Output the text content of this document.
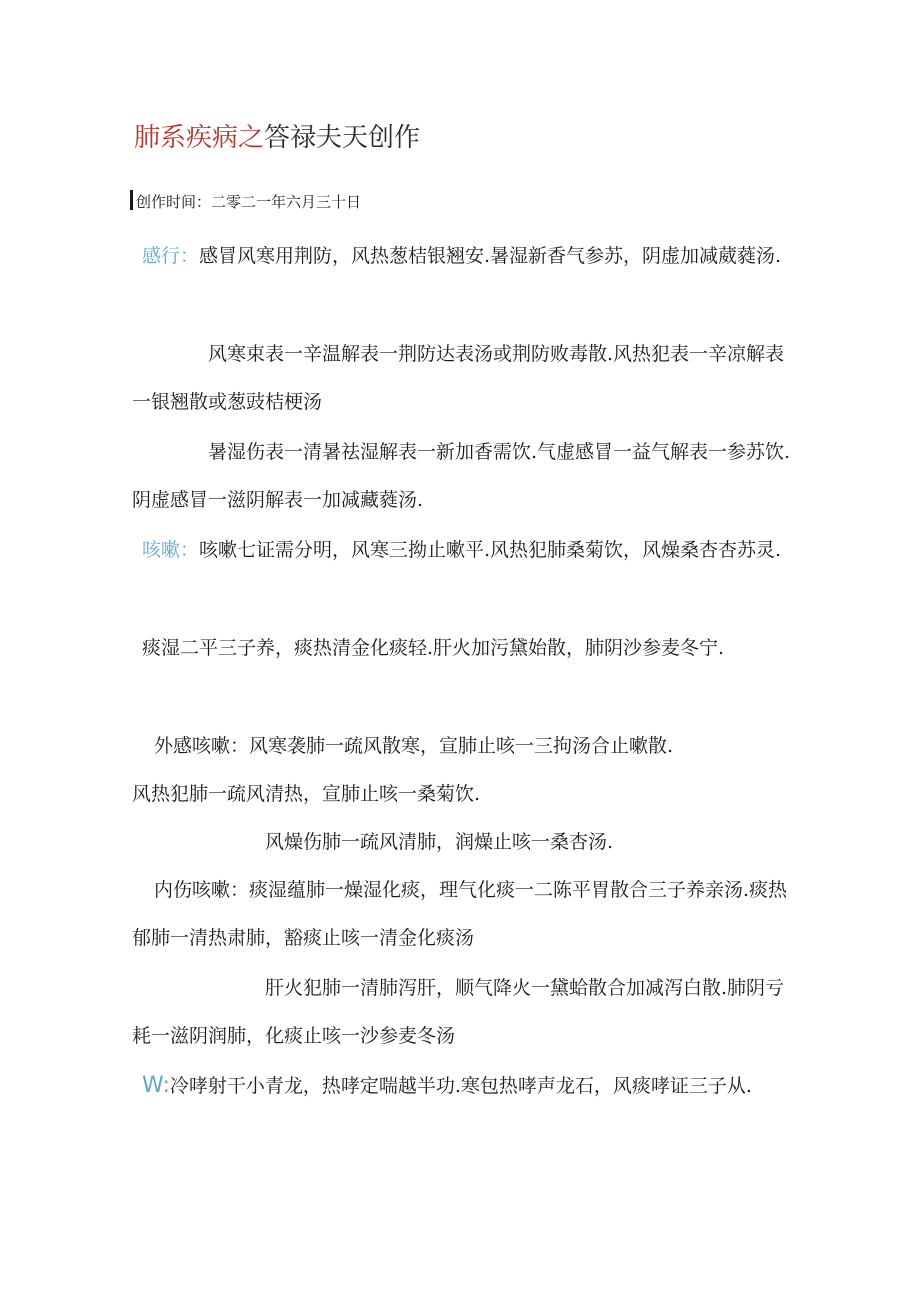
肺系疾病之答禄夫天创作
创作时间：二零二一年六月三十日

感行：感冒风寒用荆防，风热葱桔银翘安.暑湿新香气参苏，阴虚加减葳蕤汤.

风寒束表一辛温解表一荆防达表汤或荆防败毒散.风热犯表一辛凉解表一银翘散或葱豉桔梗汤

暑湿伤表一清暑祛湿解表一新加香需饮.气虚感冒一益气解表一参苏饮.阴虚感冒一滋阴解表一加减藏蕤汤.

咳嗽：咳嗽七证需分明，风寒三拗止嗽平.风热犯肺桑菊饮，风燥桑杏杏苏灵.

痰湿二平三子养，痰热清金化痰轻.肝火加污黛始散，肺阴沙参麦冬宁.

外感咳嗽：风寒袭肺一疏风散寒，宣肺止咳一三拘汤合止嗽散.

风热犯肺一疏风清热，宣肺止咳一桑菊饮.

风燥伤肺一疏风清肺，润燥止咳一桑杏汤.

内伤咳嗽：痰湿蕴肺一燥湿化痰，理气化痰一二陈平胃散合三子养亲汤.痰热郁肺一清热肃肺，豁痰止咳一清金化痰汤

肝火犯肺一清肺泻肝，顺气降火一黛蛤散合加减泻白散.肺阴亏耗一滋阴润肺，化痰止咳一沙参麦冬汤

W:冷哮射干小青龙，热哮定喘越半功.寒包热哮声龙石，风痰哮证三子从.
